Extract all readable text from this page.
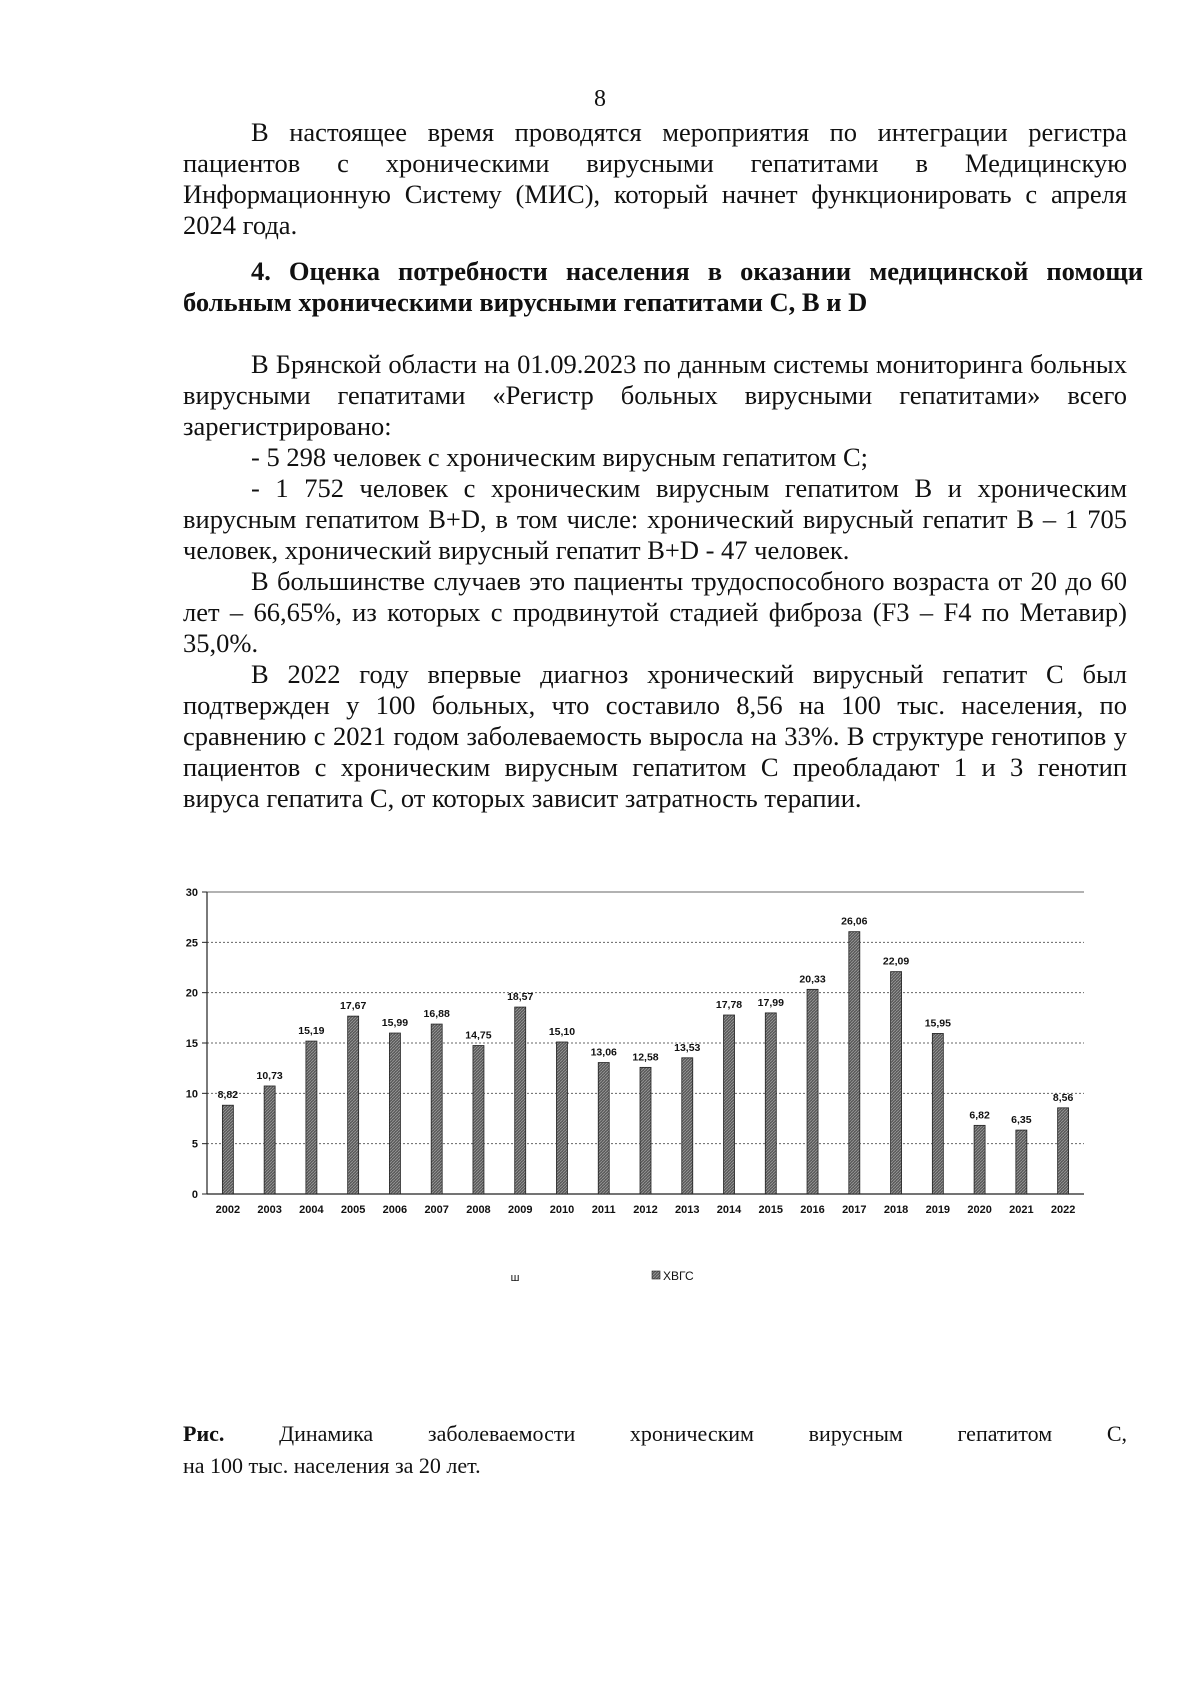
8

В настоящее время проводятся мероприятия по интеграции регистра пациентов с хроническими вирусными гепатитами в Медицинскую Информационную Систему (МИС), который начнет функционировать с апреля 2024 года.

4. Оценка потребности населения в оказании медицинской помощи больным хроническими вирусными гепатитами С, В и D

В Брянской области на 01.09.2023 по данным системы мониторинга больных вирусными гепатитами «Регистр больных вирусными гепатитами» всего зарегистрировано:

- 5 298 человек с хроническим вирусным гепатитом С;

- 1 752 человек с хроническим вирусным гепатитом В и хроническим вирусным гепатитом В+D, в том числе: хронический вирусный гепатит В – 1 705 человек, хронический вирусный гепатит В+D - 47 человек.

В большинстве случаев это пациенты трудоспособного возраста от 20 до 60 лет – 66,65%, из которых с продвинутой стадией фиброза (F3 – F4 по Метавир) 35,0%.

В 2022 году впервые диагноз хронический вирусный гепатит С был подтвержден у 100 больных, что составило 8,56 на 100 тыс. населения, по сравнению с 2021 годом заболеваемость выросла на 33%. В структуре генотипов у пациентов с хроническим вирусным гепатитом С преобладают 1 и 3 генотип вируса гепатита С, от которых зависит затратность терапии.

0
5
10
15
20
25
30
8,82
2002
10,73
2003
15,19
2004
17,67
2005
15,99
2006
16,88
2007
14,75
2008
18,57
2009
15,10
2010
13,06
2011
12,58
2012
13,53
2013
17,78
2014
17,99
2015
20,33
2016
26,06
2017
22,09
2018
15,95
2019
6,82
2020
6,35
2021
8,56
2022
ш	ХВГС
Рис. Динамика заболеваемости хроническим вирусным гепатитом С,
на 100 тыс. населения за 20 лет.
